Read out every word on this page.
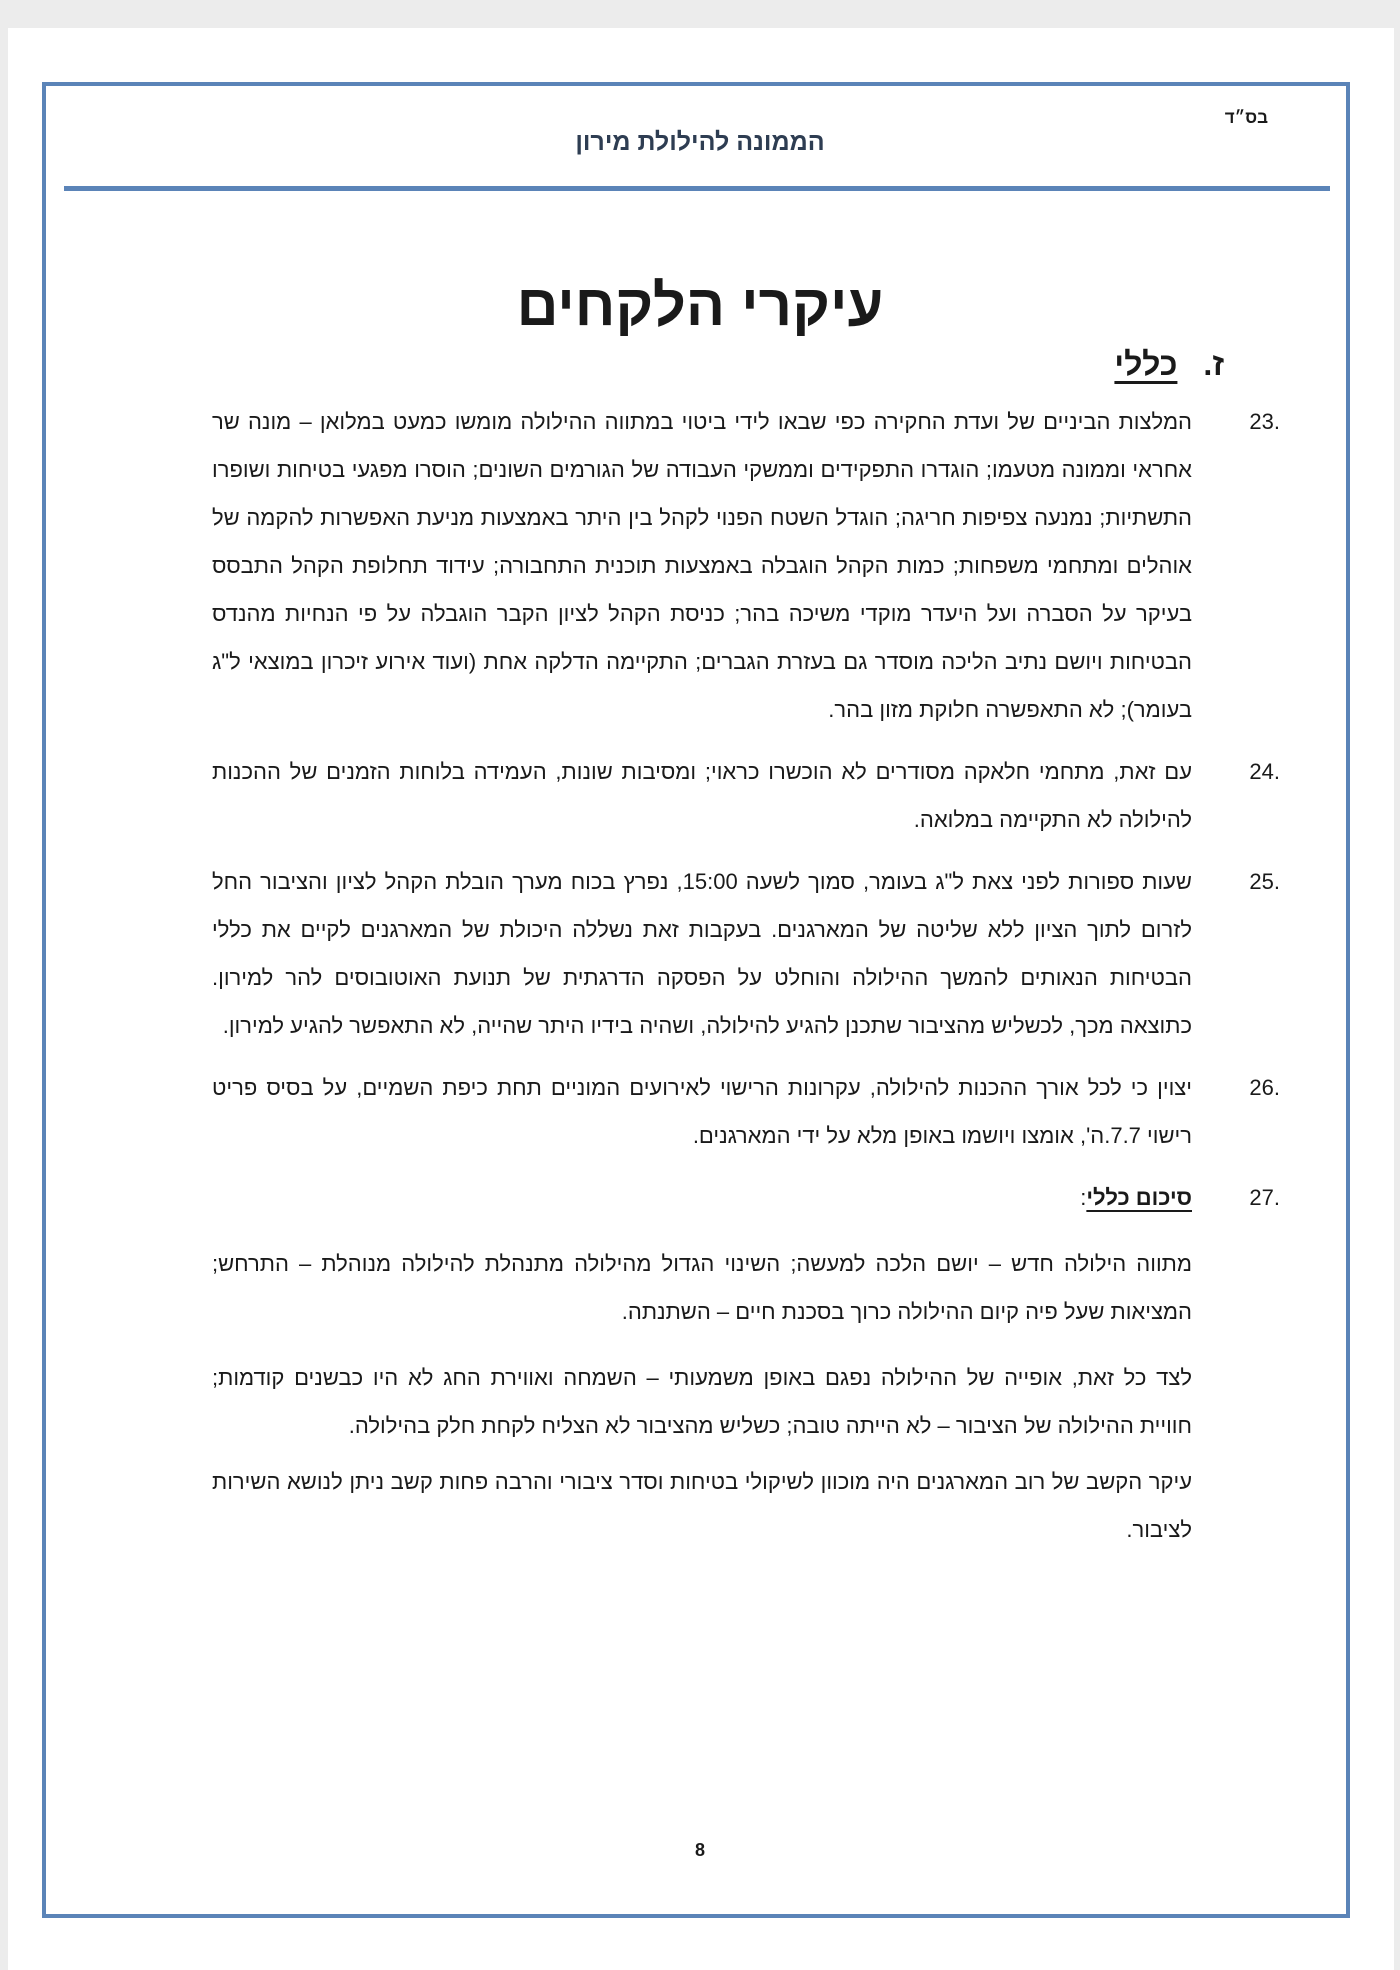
בס״ד
הממונה להילולת מירון
עיקרי הלקחים
ז.כללי
23.
המלצות הביניים של ועדת החקירה כפי שבאו לידי ביטוי במתווה ההילולה מומשו כמעט במלואן – מונה שר אחראי וממונה מטעמו; הוגדרו התפקידים וממשקי העבודה של הגורמים השונים; הוסרו מפגעי בטיחות ושופרו התשתיות; נמנעה צפיפות חריגה; הוגדל השטח הפנוי לקהל בין היתר באמצעות מניעת האפשרות להקמה של אוהלים ומתחמי משפחות; כמות הקהל הוגבלה באמצעות תוכנית התחבורה; עידוד תחלופת הקהל התבסס בעיקר על הסברה ועל היעדר מוקדי משיכה בהר; כניסת הקהל לציון הקבר הוגבלה על פי הנחיות מהנדס הבטיחות ויושם נתיב הליכה מוסדר גם בעזרת הגברים; התקיימה הדלקה אחת (ועוד אירוע זיכרון במוצאי ל"ג בעומר); לא התאפשרה חלוקת מזון בהר.
24.
עם זאת, מתחמי חלאקה מסודרים לא הוכשרו כראוי; ומסיבות שונות, העמידה בלוחות הזמנים של ההכנות להילולה לא התקיימה במלואה.
25.
שעות ספורות לפני צאת ל"ג בעומר, סמוך לשעה 15:00, נפרץ בכוח מערך הובלת הקהל לציון והציבור החל לזרום לתוך הציון ללא שליטה של המארגנים. בעקבות זאת נשללה היכולת של המארגנים לקיים את כללי הבטיחות הנאותים להמשך ההילולה והוחלט על הפסקה הדרגתית של תנועת האוטובוסים להר למירון. כתוצאה מכך, לכשליש מהציבור שתכנן להגיע להילולה, ושהיה בידיו היתר שהייה, לא התאפשר להגיע למירון.
26.
יצוין כי לכל אורך ההכנות להילולה, עקרונות הרישוי לאירועים המוניים תחת כיפת השמיים, על בסיס פריט רישוי 7.7.ה', אומצו ויושמו באופן מלא על ידי המארגנים.
27.
סיכום כללי:
מתווה הילולה חדש – יושם הלכה למעשה; השינוי הגדול מהילולה מתנהלת להילולה מנוהלת – התרחש; המציאות שעל פיה קיום ההילולה כרוך בסכנת חיים – השתנתה.
לצד כל זאת, אופייה של ההילולה נפגם באופן משמעותי – השמחה ואווירת החג לא היו כבשנים קודמות; חוויית ההילולה של הציבור – לא הייתה טובה; כשליש מהציבור לא הצליח לקחת חלק בהילולה.
עיקר הקשב של רוב המארגנים היה מוכוון לשיקולי בטיחות וסדר ציבורי והרבה פחות קשב ניתן לנושא השירות לציבור.
8
